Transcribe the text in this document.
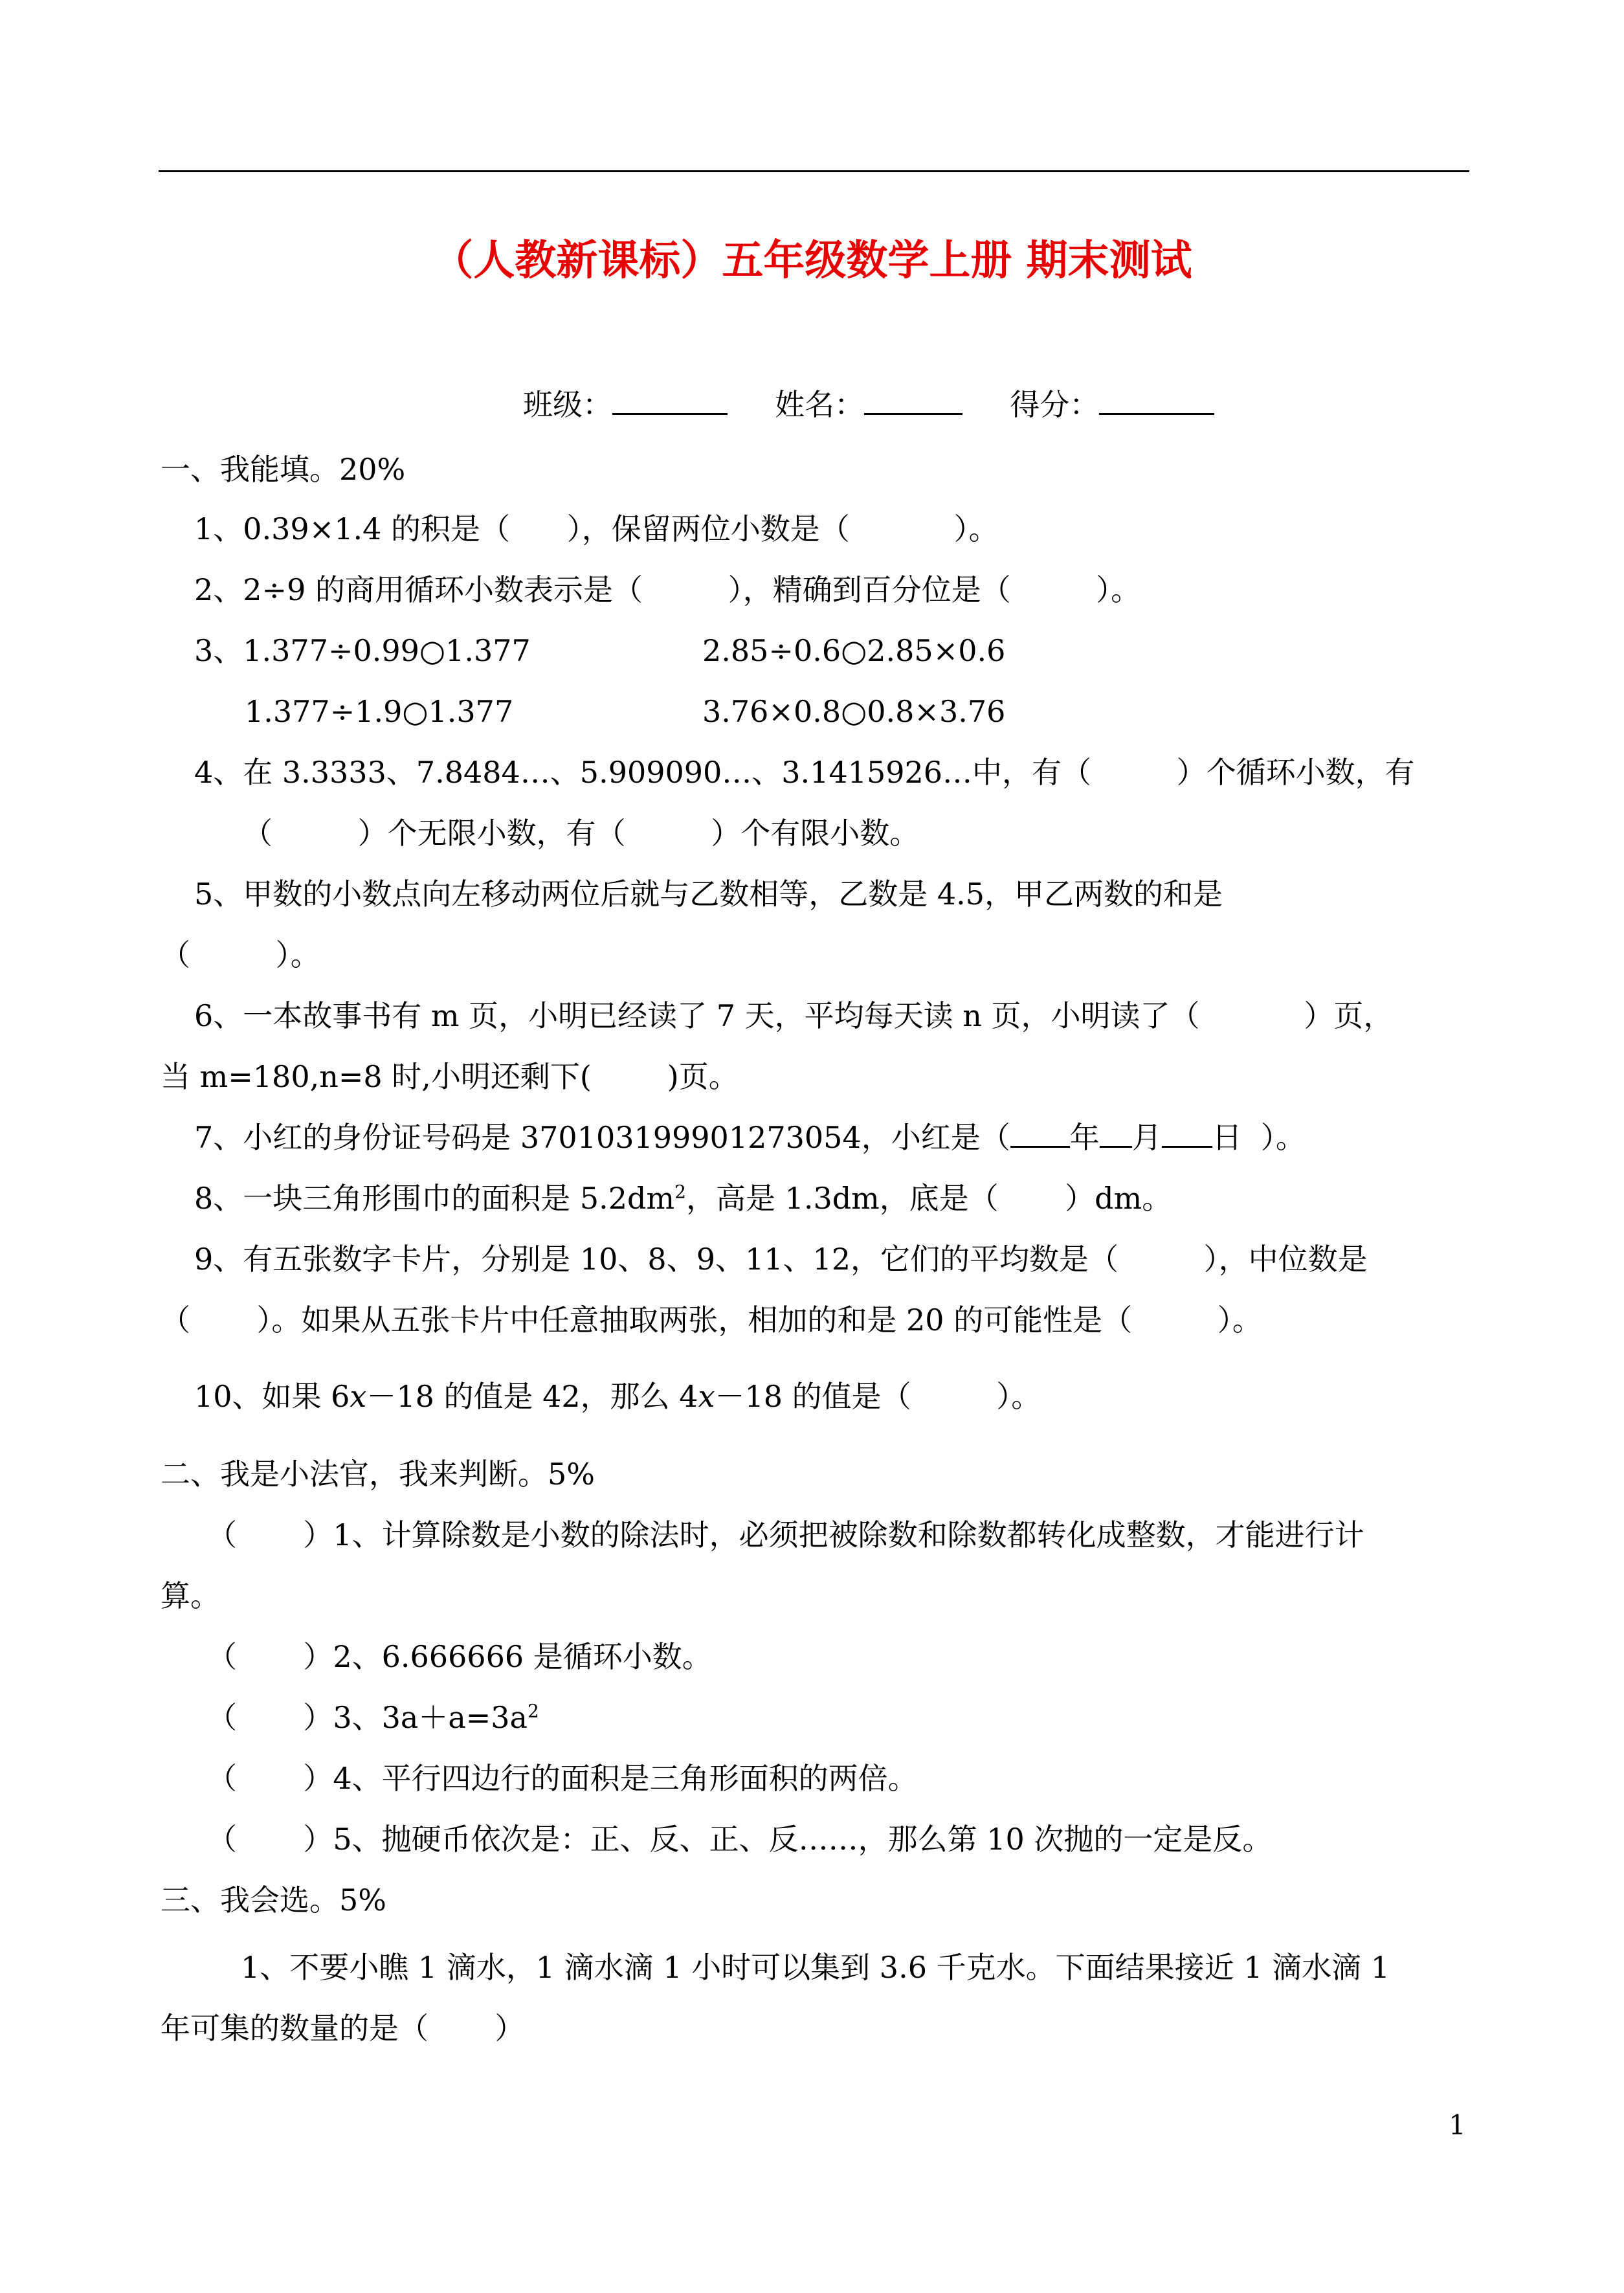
（人教新课标）五年级数学上册 期末测试
班级：	姓名：	得分：
一、我能填。20%
1、0.39×1.4 的积是（      ），保留两位小数是（           ）。
2、2÷9 的商用循环小数表示是（         ），精确到百分位是（         ）。
3、1.377÷0.99○1.377	2.85÷0.6○2.85×0.6
1.377÷1.9○1.377	3.76×0.8○0.8×3.76
4、在 3.3333、7.8484…、5.909090…、3.1415926…中，有（         ）个循环小数，有
（         ）个无限小数，有（         ）个有限小数。
5、甲数的小数点向左移动两位后就与乙数相等，乙数是 4.5，甲乙两数的和是
（         ）。
6、一本故事书有 m 页，小明已经读了 7 天，平均每天读 n 页，小明读了（           ）页，
当 m=180,n=8 时,小明还剩下(        )页。
7、小红的身份证号码是 370103199901273054，小红是（ 年 月 日  ）。
8、一块三角形围巾的面积是 $5.2dm^2$，高是 1.3dm，底是（       ）dm。
9、有五张数字卡片，分别是 10、8、9、11、12，它们的平均数是（         ），中位数是
（       ）。如果从五张卡片中任意抽取两张，相加的和是 20 的可能性是（         ）。
10、如果 6x－18 的值是 42，那么 4x－18 的值是（         ）。
二、我是小法官，我来判断。5%
（       ）1、计算除数是小数的除法时，必须把被除数和除数都转化成整数，才能进行计
算。
（       ）2、6.666666 是循环小数。
（       ）3、$3a+a=3a^2$
（       ）4、平行四边行的面积是三角形面积的两倍。
（       ）5、抛硬币依次是：正、反、正、反……，那么第 10 次抛的一定是反。
三、我会选。5%
1、不要小瞧 1 滴水，1 滴水滴 1 小时可以集到 3.6 千克水。下面结果接近 1 滴水滴 1
年可集的数量的是（       ）
1
